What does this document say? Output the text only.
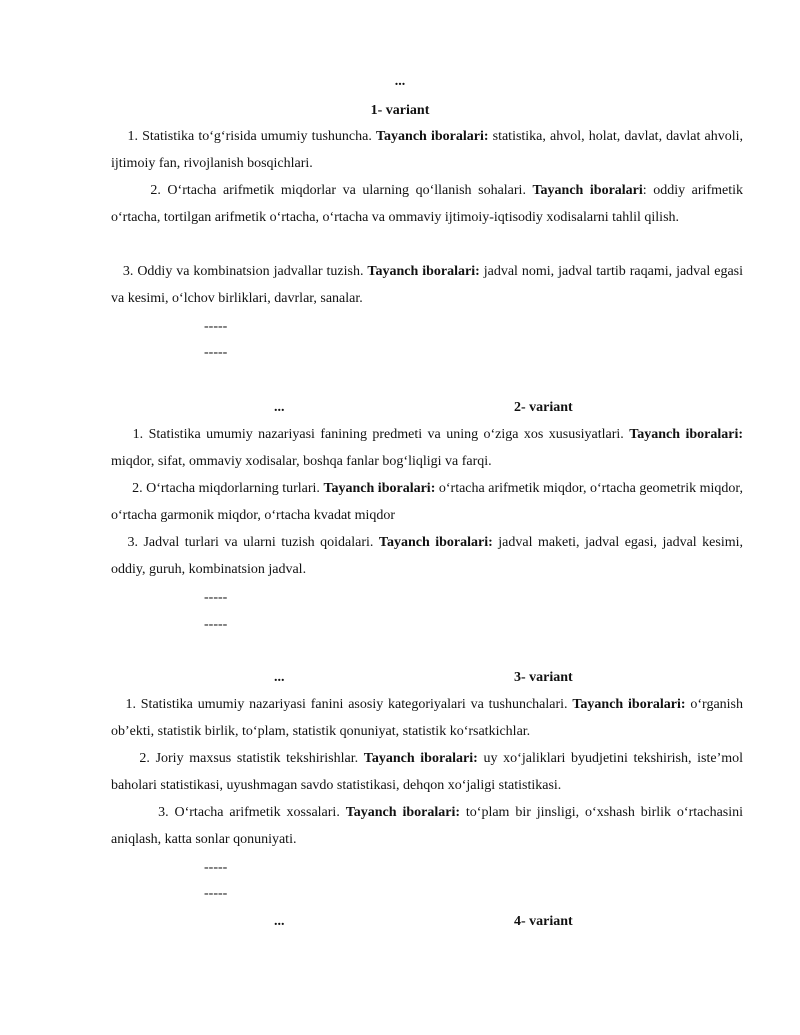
...
1- variant
1. Statistika to‘g‘risida umumiy tushuncha. Tayanch iboralari: statistika, ahvol, holat, davlat, davlat ahvoli, ijtimoiy fan, rivojlanish bosqichlari.
2. O‘rtacha arifmetik miqdorlar va ularning qo‘llanish sohalari. Tayanch iboralari: oddiy arifmetik o‘rtacha, tortilgan arifmetik o‘rtacha, o‘rtacha va ommaviy ijtimoiy-iqtisodiy xodisalarni tahlil qilish.
3. Oddiy va kombinatsion jadvallar tuzish. Tayanch iboralari: jadval nomi, jadval tartib raqami, jadval egasi va kesimi, o‘lchov birliklari, davrlar, sanalar.
-----
-----
...	2- variant
1. Statistika umumiy nazariyasi fanining predmeti va uning o‘ziga xos xususiyatlari. Tayanch iboralari: miqdor, sifat, ommaviy xodisalar, boshqa fanlar bog‘liqligi va farqi.
2. O‘rtacha miqdorlarning turlari. Tayanch iboralari: o‘rtacha arifmetik miqdor, o‘rtacha geometrik miqdor, o‘rtacha garmonik miqdor, o‘rtacha kvadat miqdor
3. Jadval turlari va ularni tuzish qoidalari. Tayanch iboralari: jadval maketi, jadval egasi, jadval kesimi, oddiy, guruh, kombinatsion jadval.
-----
-----
...	3- variant
1. Statistika umumiy nazariyasi fanini asosiy kategoriyalari va tushunchalari. Tayanch iboralari: o‘rganish ob’ekti, statistik birlik, to‘plam, statistik qonuniyat, statistik ko‘rsatkichlar.
2. Joriy maxsus statistik tekshirishlar. Tayanch iboralari: uy xo‘jaliklari byudjetini tekshirish, iste’mol baholari statistikasi, uyushmagan savdo statistikasi, dehqon xo‘jaligi statistikasi.
3. O‘rtacha arifmetik xossalari. Tayanch iboralari: to‘plam bir jinsligi, o‘xshash birlik o‘rtachasini aniqlash, katta sonlar qonuniyati.
-----
-----
...	4- variant
